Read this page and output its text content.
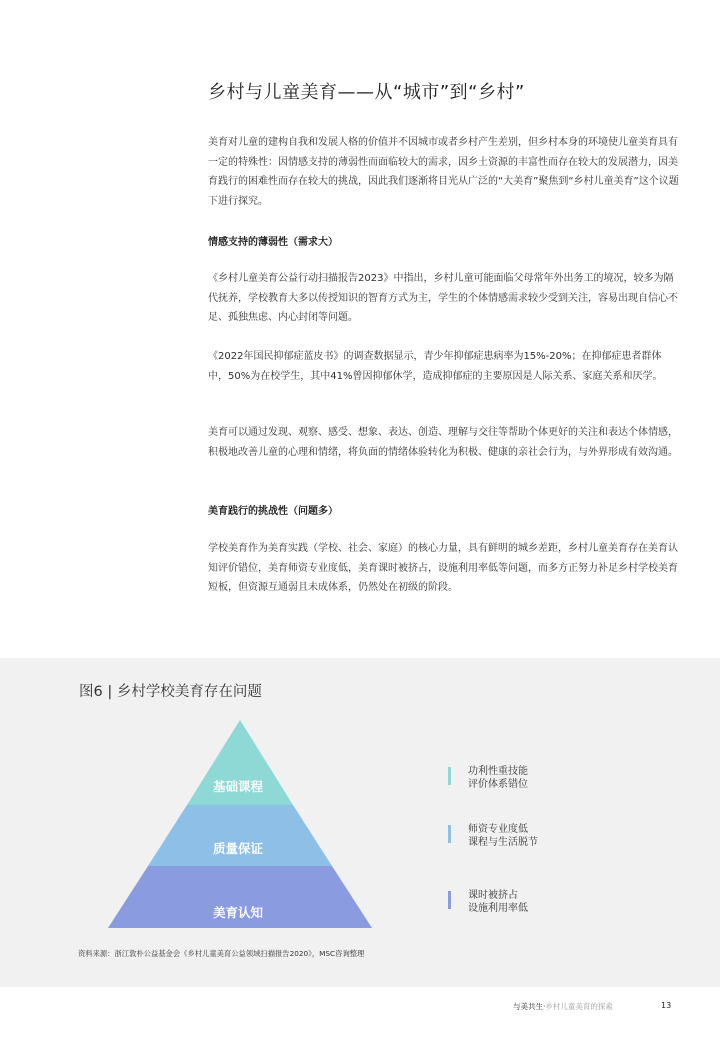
乡村与儿童美育——从“城市”到“乡村”
美育对儿童的建构自我和发展人格的价值并不因城市或者乡村产生差别，但乡村本身的环境使儿童美育具有一定的特殊性：因情感支持的薄弱性而面临较大的需求，因乡土资源的丰富性而存在较大的发展潜力，因美育践行的困难性而存在较大的挑战，因此我们逐渐将目光从广泛的“大美育”聚焦到“乡村儿童美育”这个议题下进行探究。
情感支持的薄弱性（需求大）
《乡村儿童美育公益行动扫描报告2023》中指出，乡村儿童可能面临父母常年外出务工的境况，较多为隔代抚养，学校教育大多以传授知识的智育方式为主，学生的个体情感需求较少受到关注，容易出现自信心不足、孤独焦虑、内心封闭等问题。
《2022年国民抑郁症蓝皮书》的调查数据显示，青少年抑郁症患病率为15%-20%；在抑郁症患者群体中，50%为在校学生，其中41%曾因抑郁休学，造成抑郁症的主要原因是人际关系、家庭关系和厌学。
美育可以通过发现、观察、感受、想象、表达、创造、理解与交往等帮助个体更好的关注和表达个体情感，积极地改善儿童的心理和情绪，将负面的情绪体验转化为积极、健康的亲社会行为，与外界形成有效沟通。
美育践行的挑战性（问题多）
学校美育作为美育实践（学校、社会、家庭）的核心力量，具有鲜明的城乡差距，乡村儿童美育存在美育认知评价错位，美育师资专业度低，美育课时被挤占，设施利用率低等问题，而多方正努力补足乡村学校美育短板，但资源互通弱且未成体系，仍然处在初级的阶段。
图6 | 乡村学校美育存在问题
基础课程
质量保证
美育认知
功利性重技能
评价体系错位
师资专业度低
课程与生活脱节
课时被挤占
设施利用率低
资料来源：浙江敦朴公益基金会《乡村儿童美育公益领域扫描报告2020》，MSC咨询整理
与美共生·乡村儿童美育的探索	13
